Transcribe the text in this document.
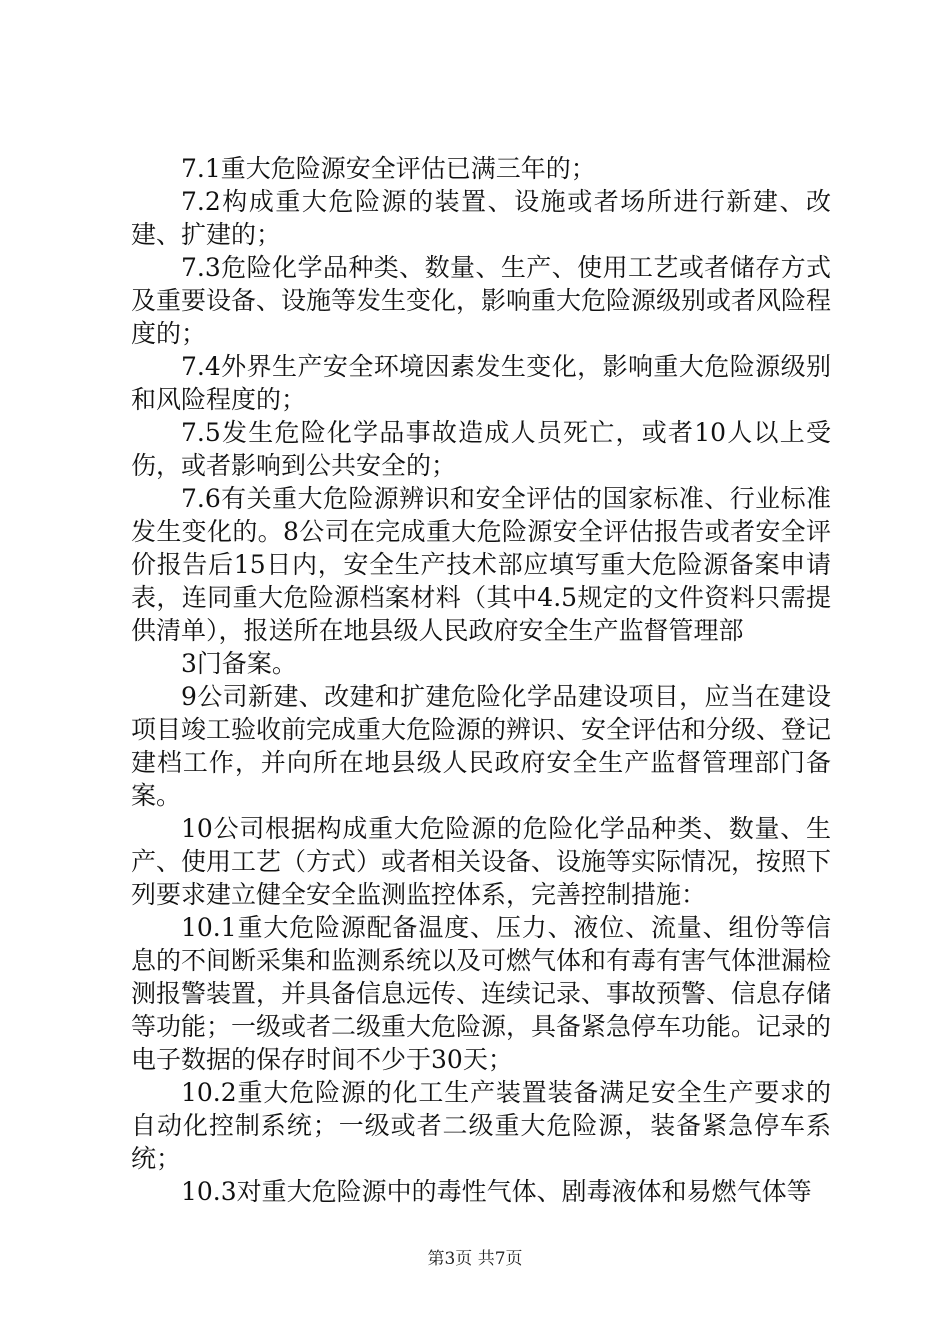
7.1重大危险源安全评估已满三年的；

7.2构成重大危险源的装置、设施或者场所进行新建、改建、扩建的；

7.3危险化学品种类、数量、生产、使用工艺或者储存方式及重要设备、设施等发生变化，影响重大危险源级别或者风险程度的；

7.4外界生产安全环境因素发生变化，影响重大危险源级别和风险程度的；

7.5发生危险化学品事故造成人员死亡，或者10人以上受伤，或者影响到公共安全的；

7.6有关重大危险源辨识和安全评估的国家标准、行业标准发生变化的。8公司在完成重大危险源安全评估报告或者安全评价报告后15日内，安全生产技术部应填写重大危险源备案申请表，连同重大危险源档案材料（其中4.5规定的文件资料只需提供清单），报送所在地县级人民政府安全生产监督管理部

3门备案。

9公司新建、改建和扩建危险化学品建设项目，应当在建设项目竣工验收前完成重大危险源的辨识、安全评估和分级、登记建档工作，并向所在地县级人民政府安全生产监督管理部门备案。

10公司根据构成重大危险源的危险化学品种类、数量、生产、使用工艺（方式）或者相关设备、设施等实际情况，按照下列要求建立健全安全监测监控体系，完善控制措施：

10.1重大危险源配备温度、压力、液位、流量、组份等信息的不间断采集和监测系统以及可燃气体和有毒有害气体泄漏检测报警装置，并具备信息远传、连续记录、事故预警、信息存储等功能；一级或者二级重大危险源，具备紧急停车功能。记录的电子数据的保存时间不少于30天；

10.2重大危险源的化工生产装置装备满足安全生产要求的自动化控制系统；一级或者二级重大危险源，装备紧急停车系统；

10.3对重大危险源中的毒性气体、剧毒液体和易燃气体等

第3页 共7页
